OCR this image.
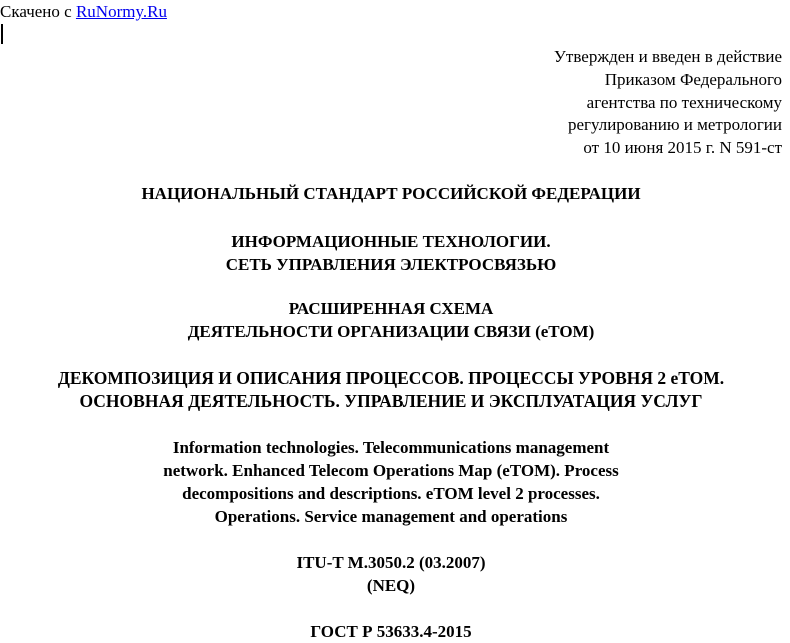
Скачено с RuNormy.Ru
Утвержден и введен в действие
Приказом Федерального
агентства по техническому
регулированию и метрологии
от 10 июня 2015 г. N 591-ст
НАЦИОНАЛЬНЫЙ СТАНДАРТ РОССИЙСКОЙ ФЕДЕРАЦИИ
ИНФОРМАЦИОННЫЕ ТЕХНОЛОГИИ.
СЕТЬ УПРАВЛЕНИЯ ЭЛЕКТРОСВЯЗЬЮ
РАСШИРЕННАЯ СХЕМА
ДЕЯТЕЛЬНОСТИ ОРГАНИЗАЦИИ СВЯЗИ (eTOM)
ДЕКОМПОЗИЦИЯ И ОПИСАНИЯ ПРОЦЕССОВ. ПРОЦЕССЫ УРОВНЯ 2 eTOM.
ОСНОВНАЯ ДЕЯТЕЛЬНОСТЬ. УПРАВЛЕНИЕ И ЭКСПЛУАТАЦИЯ УСЛУГ
Information technologies. Telecommunications management
network. Enhanced Telecom Operations Map (eTOM). Process
decompositions and descriptions. eTOM level 2 processes.
Operations. Service management and operations
ITU-T M.3050.2 (03.2007)
(NEQ)
ГОСТ Р 53633.4-2015
